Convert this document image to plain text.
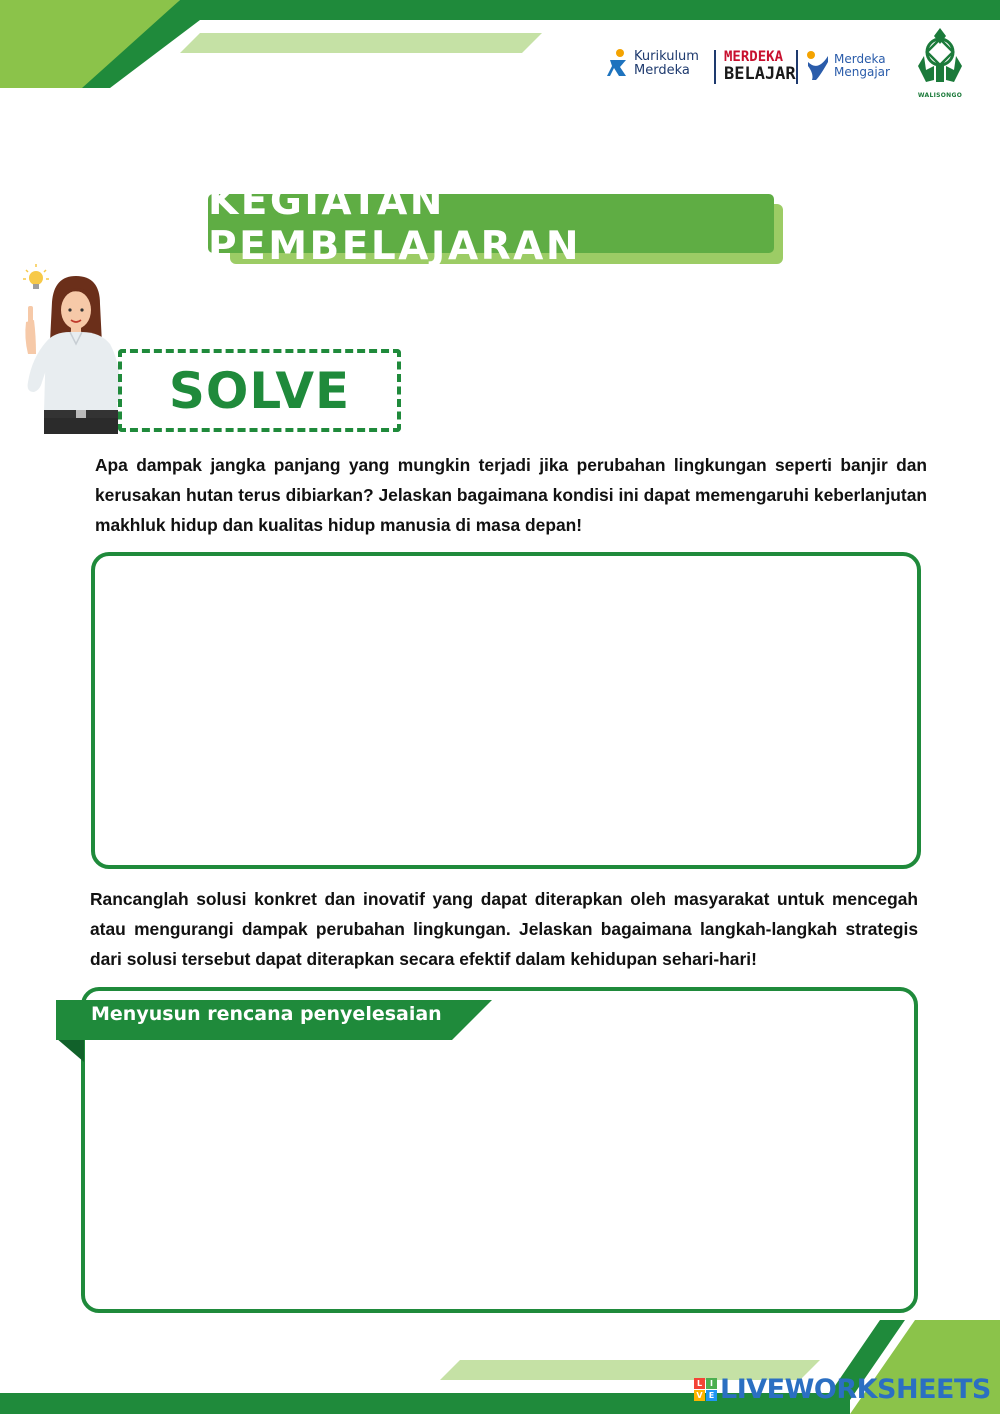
Kurikulum
Merdeka
MERDEKA
BELAJAR
Merdeka
Mengajar
WALISONGO
KEGIATAN PEMBELAJARAN
SOLVE

Apa dampak jangka panjang yang mungkin terjadi jika perubahan lingkungan seperti banjir dan kerusakan hutan terus dibiarkan? Jelaskan bagaimana kondisi ini dapat memengaruhi keberlanjutan makhluk hidup dan kualitas hidup manusia di masa depan!

Rancanglah solusi konkret dan inovatif yang dapat diterapkan oleh masyarakat untuk mencegah atau mengurangi dampak perubahan lingkungan. Jelaskan bagaimana langkah-langkah strategis dari solusi tersebut dapat diterapkan secara efektif dalam kehidupan sehari-hari!

Menyusun rencana penyelesaian
L I
V E LIVEWORKSHEETS
